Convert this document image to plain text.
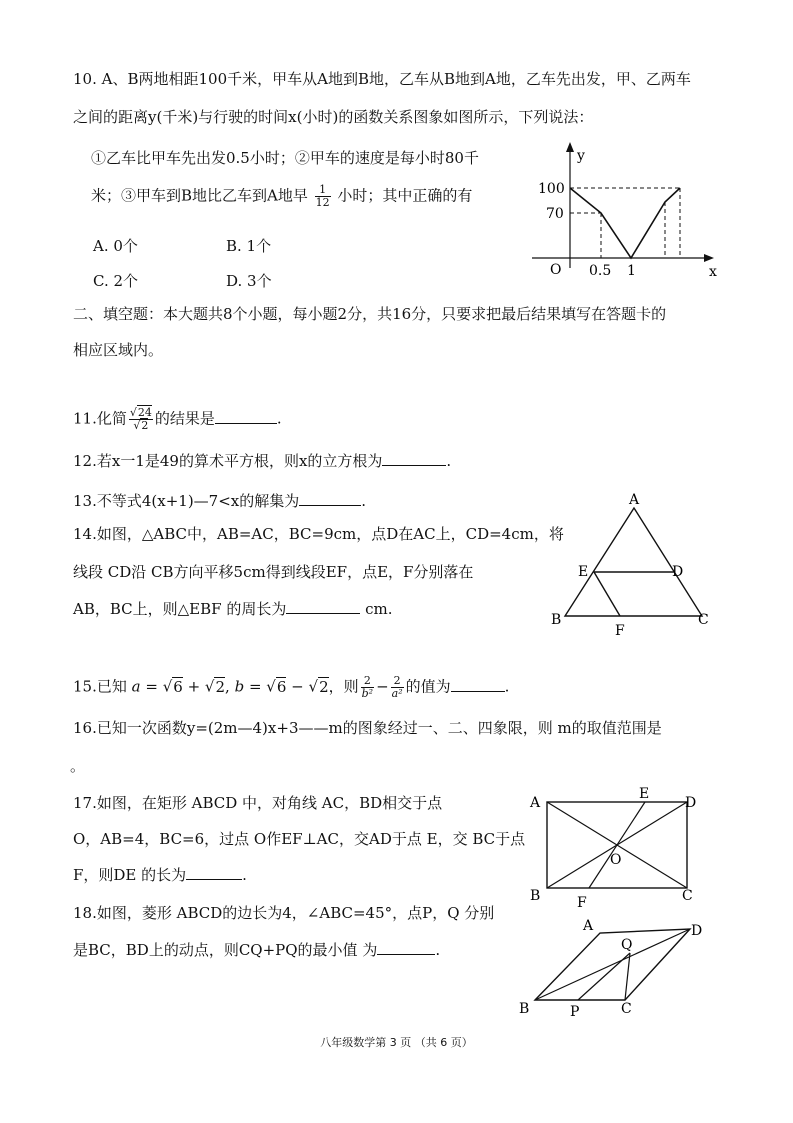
10. A、B两地相距100千米，甲车从A地到B地，乙车从B地到A地，乙车先出发，甲、乙两车
之间的距离y(千米)与行驶的时间x(小时)的函数关系图象如图所示，下列说法：
①乙车比甲车先出发0.5小时；②甲车的速度是每小时80千
米；③甲车到B地比乙车到A地早 $\frac{1}{12}$ 小时；其中正确的有
A. 0个	B. 1个
C. 2个	D. 3个
y
x
O
100
70
0.5 1
二、填空题：本大题共8个小题，每小题2分，共16分，只要求把最后结果填写在答题卡的
相应区域内。
11.化简 $\frac{√24}{√2}$ 的结果是	.
12.若x一1是49的算术平方根，则x的立方根为	.
13.不等式4(x+1)—7<x的解集为	.
14.如图，△ABC中，AB=AC，BC=9cm，点D在AC上，CD=4cm，将
线段 CD沿 CB方向平移5cm得到线段EF，点E，F分别落在
AB，BC上，则△EBF 的周长为	cm.
A
E	D
B
F
C
15.已知 a = √6 + √2, b = √6 − √2，则 $\frac{2}{\text{b²}} - \frac{2}{\text{a²}}$ 的值为	.
16.已知一次函数y=(2m—4)x+3——m的图象经过一、二、四象限，则 m的取值范围是
。
17.如图，在矩形 ABCD 中，对角线 AC，BD相交于点
O，AB=4，BC=6，过点 O作EF⊥AC，交AD于点 E，交 BC于点
F，则DE 的长为	.
A
E
D
O
B	F	C
18.如图，菱形 ABCD的边长为4，∠ABC=45°，点P，Q 分别
是BC，BD上的动点，则CQ+PQ的最小值 为	.
A	D
Q
B	P	C
八年级数学第 3 页 （共 6 页）
